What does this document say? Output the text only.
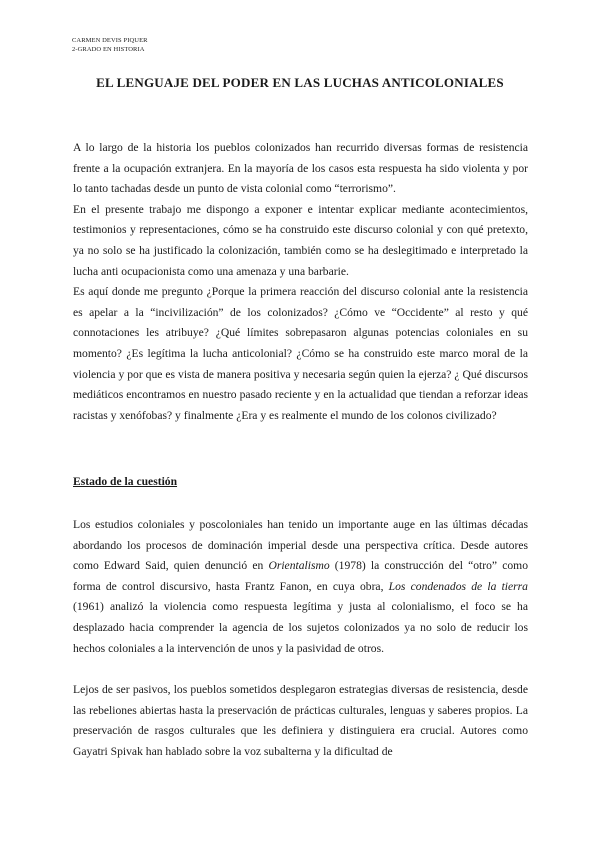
CARMEN DEVIS PIQUER
2-GRADO EN HISTORIA
EL LENGUAJE DEL PODER EN LAS LUCHAS ANTICOLONIALES

A lo largo de la historia los pueblos colonizados han recurrido diversas formas de resistencia frente a la ocupación extranjera. En la mayoría de los casos esta respuesta ha sido violenta y por lo tanto tachadas desde un punto de vista colonial como “terrorismo”.

En el presente trabajo me dispongo a exponer e intentar explicar mediante acontecimientos, testimonios y representaciones, cómo se ha construido este discurso colonial y con qué pretexto, ya no solo se ha justificado la colonización, también como se ha deslegitimado e interpretado la lucha anti ocupacionista como una amenaza y una barbarie.

Es aquí donde me pregunto ¿Porque la primera reacción del discurso colonial ante la resistencia es apelar a la “incivilización” de los colonizados? ¿Cómo ve “Occidente” al resto y qué connotaciones les atribuye? ¿Qué límites sobrepasaron algunas potencias coloniales en su momento? ¿Es legítima la lucha anticolonial? ¿Cómo se ha construido este marco moral de la violencia y por que es vista de manera positiva y necesaria según quien la ejerza? ¿ Qué discursos mediáticos encontramos en nuestro pasado reciente y en la actualidad que tiendan a reforzar ideas racistas y xenófobas? y finalmente ¿Era y es realmente el mundo de los colonos civilizado?

Estado de la cuestión

Los estudios coloniales y poscoloniales han tenido un importante auge en las últimas décadas abordando los procesos de dominación imperial desde una perspectiva crítica. Desde autores como Edward Said, quien denunció en Orientalismo (1978) la construcción del “otro” como forma de control discursivo, hasta Frantz Fanon, en cuya obra, Los condenados de la tierra (1961) analizó la violencia como respuesta legítima y justa al colonialismo, el foco se ha desplazado hacia comprender la agencia de los sujetos colonizados ya no solo de reducir los hechos coloniales a la intervención de unos y la pasividad de otros.

Lejos de ser pasivos, los pueblos sometidos desplegaron estrategias diversas de resistencia, desde las rebeliones abiertas hasta la preservación de prácticas culturales, lenguas y saberes propios. La preservación de rasgos culturales que les definiera y distinguiera era crucial. Autores como Gayatri Spivak han hablado sobre la voz subalterna y la dificultad de
